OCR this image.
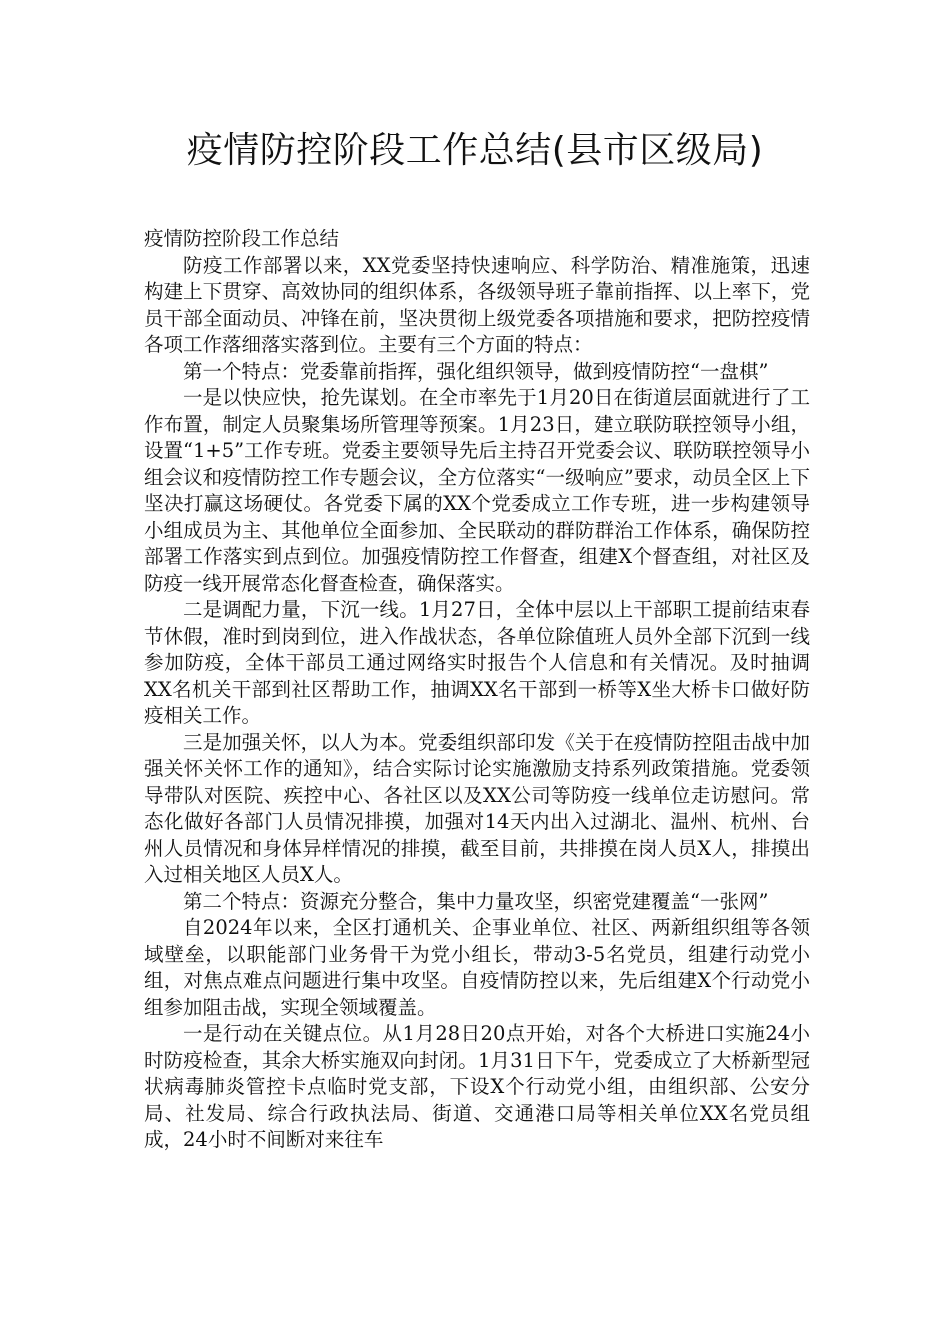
疫情防控阶段工作总结(县市区级局)

疫情防控阶段工作总结

防疫工作部署以来，XX党委坚持快速响应、科学防治、精准施策，迅速构建上下贯穿、高效协同的组织体系，各级领导班子靠前指挥、以上率下，党员干部全面动员、冲锋在前，坚决贯彻上级党委各项措施和要求，把防控疫情各项工作落细落实落到位。主要有三个方面的特点：

第一个特点：党委靠前指挥，强化组织领导，做到疫情防控“一盘棋”

一是以快应快，抢先谋划。在全市率先于1月20日在街道层面就进行了工作布置，制定人员聚集场所管理等预案。1月23日，建立联防联控领导小组，设置“1+5”工作专班。党委主要领导先后主持召开党委会议、联防联控领导小组会议和疫情防控工作专题会议，全方位落实“一级响应”要求，动员全区上下坚决打赢这场硬仗。各党委下属的XX个党委成立工作专班，进一步构建领导小组成员为主、其他单位全面参加、全民联动的群防群治工作体系，确保防控部署工作落实到点到位。加强疫情防控工作督查，组建X个督查组，对社区及防疫一线开展常态化督查检查，确保落实。

二是调配力量，下沉一线。1月27日，全体中层以上干部职工提前结束春节休假，准时到岗到位，进入作战状态，各单位除值班人员外全部下沉到一线参加防疫，全体干部员工通过网络实时报告个人信息和有关情况。及时抽调XX名机关干部到社区帮助工作，抽调XX名干部到一桥等X坐大桥卡口做好防疫相关工作。

三是加强关怀，以人为本。党委组织部印发《关于在疫情防控阻击战中加强关怀关怀工作的通知》，结合实际讨论实施激励支持系列政策措施。党委领导带队对医院、疾控中心、各社区以及XX公司等防疫一线单位走访慰问。常态化做好各部门人员情况排摸，加强对14天内出入过湖北、温州、杭州、台州人员情况和身体异样情况的排摸，截至目前，共排摸在岗人员X人，排摸出入过相关地区人员X人。

第二个特点：资源充分整合，集中力量攻坚，织密党建覆盖“一张网”

自2024年以来，全区打通机关、企事业单位、社区、两新组织组等各领域壁垒，以职能部门业务骨干为党小组长，带动3-5名党员，组建行动党小组，对焦点难点问题进行集中攻坚。自疫情防控以来，先后组建X个行动党小组参加阻击战，实现全领域覆盖。

一是行动在关键点位。从1月28日20点开始，对各个大桥进口实施24小时防疫检查，其余大桥实施双向封闭。1月31日下午，党委成立了大桥新型冠状病毒肺炎管控卡点临时党支部，下设X个行动党小组，由组织部、公安分局、社发局、综合行政执法局、街道、交通港口局等相关单位XX名党员组成，24小时不间断对来往车
